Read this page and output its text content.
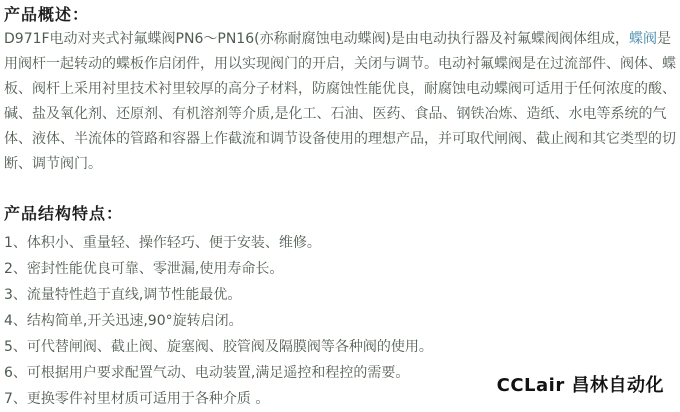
产品概述：

D971F电动对夹式衬氟蝶阀PN6～PN16(亦称耐腐蚀电动蝶阀)是由电动执行器及衬氟蝶阀阀体组成，蝶阀是用阀杆一起转动的蝶板作启闭件，用以实现阀门的开启，关闭与调节。电动衬氟蝶阀是在过流部件、阀体、蝶板、阀杆上采用衬里技术衬里较厚的高分子材料，防腐蚀性能优良，耐腐蚀电动蝶阀可适用于任何浓度的酸、碱、盐及氧化剂、还原剂、有机溶剂等介质,是化工、石油、医药、食品、钢铁冶炼、造纸、水电等系统的气体、液体、半流体的管路和容器上作截流和调节设备使用的理想产品，并可取代闸阀、截止阀和其它类型的切断、调节阀门。

产品结构特点：
1、体积小、重量轻、操作轻巧、便于安装、维修。
2、密封性能优良可靠、零泄漏,使用寿命长。
3、流量特性趋于直线,调节性能最优。
4、结构简单,开关迅速,90°旋转启闭。
5、可代替闸阀、截止阀、旋塞阀、胶管阀及隔膜阀等各种阀的使用。
6、可根据用户要求配置气动、电动装置,满足遥控和程控的需要。
7、更换零件衬里材质可适用于各种介质 。
CCLair 昌林自动化
